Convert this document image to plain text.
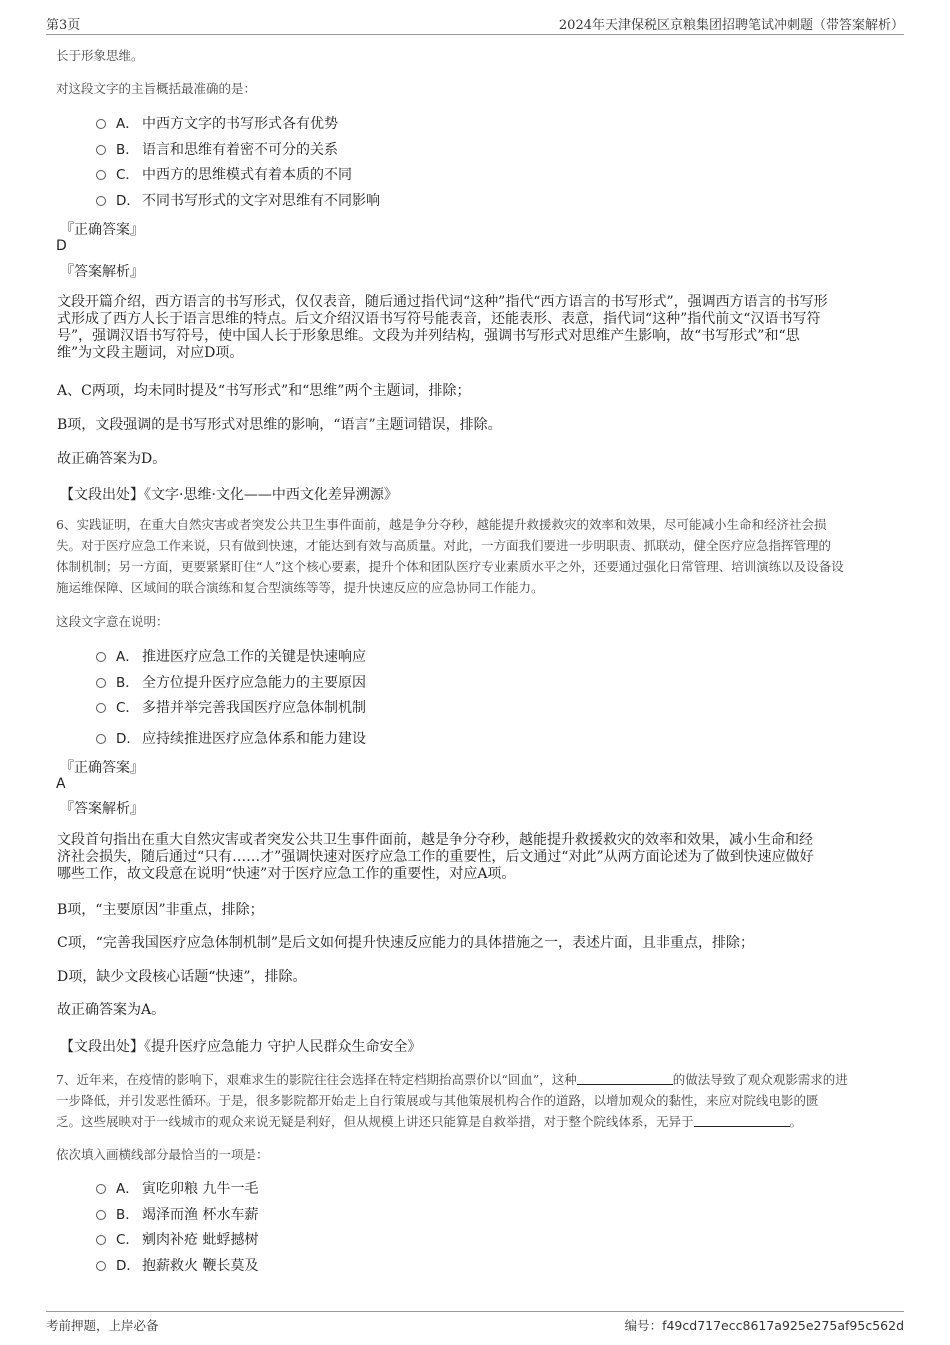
第3页	2024年天津保税区京粮集团招聘笔试冲刺题（带答案解析）
长于形象思维。
对这段文字的主旨概括最准确的是：
A． 中西方文字的书写形式各有优势
B． 语言和思维有着密不可分的关系
C． 中西方的思维模式有着本质的不同
D． 不同书写形式的文字对思维有不同影响
『正确答案』
D
『答案解析』
文段开篇介绍，西方语言的书写形式，仅仅表音，随后通过指代词“这种”指代“西方语言的书写形式”，强调西方语言的书写形
式形成了西方人长于语言思维的特点。后文介绍汉语书写符号能表音，还能表形、表意，指代词“这种”指代前文“汉语书写符
号”，强调汉语书写符号，使中国人长于形象思维。文段为并列结构，强调书写形式对思维产生影响，故“书写形式”和“思
维”为文段主题词，对应D项。
A、C两项，均未同时提及“书写形式”和“思维”两个主题词，排除；
B项，文段强调的是书写形式对思维的影响，“语言”主题词错误，排除。
故正确答案为D。
【文段出处】《文字·思维·文化——中西文化差异溯源》
6、实践证明，在重大自然灾害或者突发公共卫生事件面前，越是争分夺秒，越能提升救援救灾的效率和效果，尽可能减小生命和经济社会损
失。对于医疗应急工作来说，只有做到快速，才能达到有效与高质量。对此，一方面我们要进一步明职责、抓联动，健全医疗应急指挥管理的
体制机制；另一方面，更要紧紧盯住“人”这个核心要素，提升个体和团队医疗专业素质水平之外，还要通过强化日常管理、培训演练以及设备设
施运维保障、区域间的联合演练和复合型演练等等，提升快速反应的应急协同工作能力。
这段文字意在说明：
A． 推进医疗应急工作的关键是快速响应
B． 全方位提升医疗应急能力的主要原因
C． 多措并举完善我国医疗应急体制机制
D． 应持续推进医疗应急体系和能力建设
『正确答案』
A
『答案解析』
文段首句指出在重大自然灾害或者突发公共卫生事件面前，越是争分夺秒，越能提升救援救灾的效率和效果，减小生命和经
济社会损失，随后通过“只有……才”强调快速对医疗应急工作的重要性，后文通过“对此”从两方面论述为了做到快速应做好
哪些工作，故文段意在说明“快速”对于医疗应急工作的重要性，对应A项。
B项，“主要原因”非重点，排除；
C项，“完善我国医疗应急体制机制”是后文如何提升快速反应能力的具体措施之一，表述片面，且非重点，排除；
D项，缺少文段核心话题“快速”，排除。
故正确答案为A。
【文段出处】《提升医疗应急能力 守护人民群众生命安全》
7、近年来，在疫情的影响下，艰难求生的影院往往会选择在特定档期抬高票价以“回血”，这种	的做法导致了观众观影需求的进
一步降低，并引发恶性循环。于是，很多影院都开始走上自行策展或与其他策展机构合作的道路，以增加观众的黏性，来应对院线电影的匮
乏。这些展映对于一线城市的观众来说无疑是利好，但从规模上讲还只能算是自救举措，对于整个院线体系，无异于	。
依次填入画横线部分最恰当的一项是：
A． 寅吃卯粮 九牛一毛
B． 竭泽而渔 杯水车薪
C． 剜肉补疮 蚍蜉撼树
D． 抱薪救火 鞭长莫及
考前押题，上岸必备	编号：f49cd717ecc8617a925e275af95c562d
